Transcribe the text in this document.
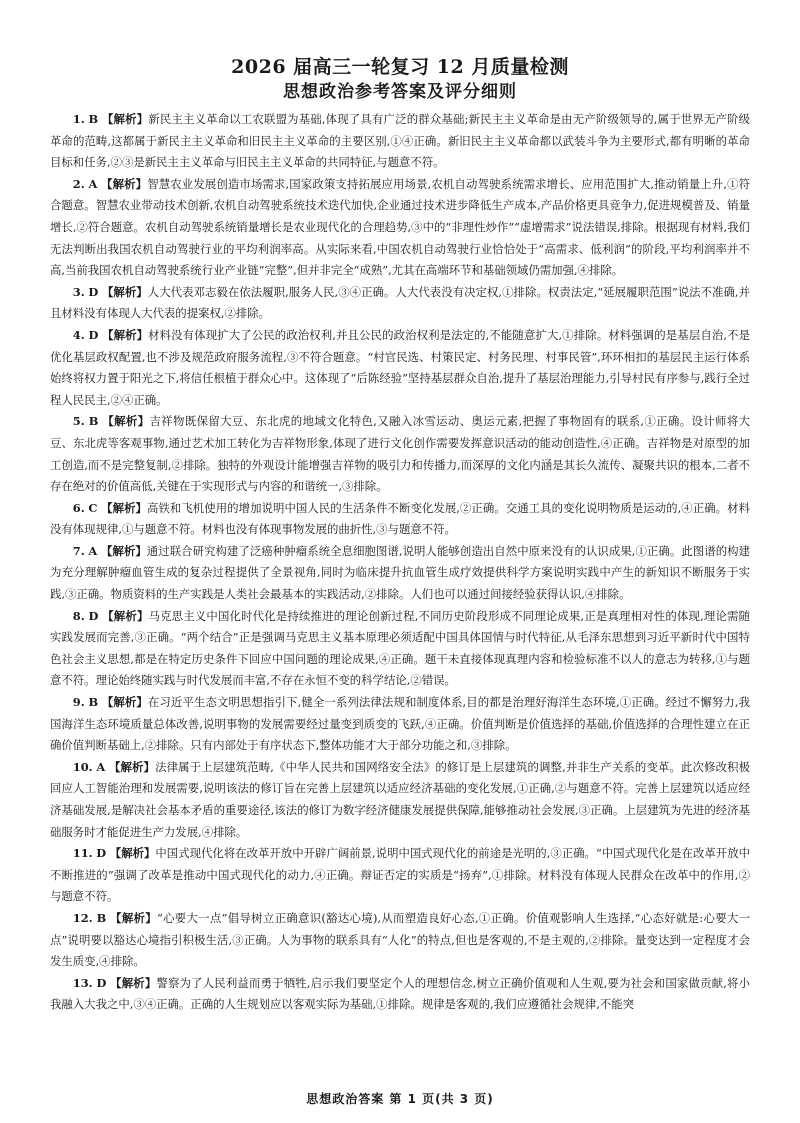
2026 届高三一轮复习 12 月质量检测
思想政治参考答案及评分细则

1. B 【解析】新民主主义革命以工农联盟为基础,体现了具有广泛的群众基础;新民主主义革命是由无产阶级领导的,属于世界无产阶级革命的范畴,这都属于新民主主义革命和旧民主主义革命的主要区别,①④正确。新旧民主主义革命都以武装斗争为主要形式,都有明晰的革命目标和任务,②③是新民主主义革命与旧民主主义革命的共同特征,与题意不符。

2. A 【解析】智慧农业发展创造市场需求,国家政策支持拓展应用场景,农机自动驾驶系统需求增长、应用范围扩大,推动销量上升,①符合题意。智慧农业带动技术创新,农机自动驾驶系统技术迭代加快,企业通过技术进步降低生产成本,产品价格更具竞争力,促进规模普及、销量增长,②符合题意。农机自动驾驶系统销量增长是农业现代化的合理趋势,③中的“非理性炒作”“虚增需求”说法错误,排除。根据现有材料,我们无法判断出我国农机自动驾驶行业的平均利润率高。从实际来看,中国农机自动驾驶行业恰恰处于“高需求、低利润”的阶段,平均利润率并不高,当前我国农机自动驾驶系统行业产业链“完整”,但并非完全“成熟”,尤其在高端环节和基础领域仍需加强,④排除。

3. D 【解析】人大代表邓志毅在依法履职,服务人民,③④正确。人大代表没有决定权,①排除。权责法定,“延展履职范围”说法不准确,并且材料没有体现人大代表的提案权,②排除。

4. D 【解析】材料没有体现扩大了公民的政治权利,并且公民的政治权利是法定的,不能随意扩大,①排除。材料强调的是基层自治,不是优化基层政权配置,也不涉及规范政府服务流程,③不符合题意。“村官民选、村策民定、村务民理、村事民管”,环环相扣的基层民主运行体系始终将权力置于阳光之下,将信任根植于群众心中。这体现了“后陈经验”坚持基层群众自治,提升了基层治理能力,引导村民有序参与,践行全过程人民民主,②④正确。

5. B 【解析】吉祥物既保留大豆、东北虎的地域文化特色,又融入冰雪运动、奥运元素,把握了事物固有的联系,①正确。设计师将大豆、东北虎等客观事物,通过艺术加工转化为吉祥物形象,体现了进行文化创作需要发挥意识活动的能动创造性,④正确。吉祥物是对原型的加工创造,而不是完整复制,②排除。独特的外观设计能增强吉祥物的吸引力和传播力,而深厚的文化内涵是其长久流传、凝聚共识的根本,二者不存在绝对的价值高低,关键在于实现形式与内容的和谐统一,③排除。

6. C 【解析】高铁和飞机使用的增加说明中国人民的生活条件不断变化发展,②正确。交通工具的变化说明物质是运动的,④正确。材料没有体现规律,①与题意不符。材料也没有体现事物发展的曲折性,③与题意不符。

7. A 【解析】通过联合研究构建了泛癌种肿瘤系统全息细胞图谱,说明人能够创造出自然中原来没有的认识成果,①正确。此图谱的构建为充分理解肿瘤血管生成的复杂过程提供了全景视角,同时为临床提升抗血管生成疗效提供科学方案说明实践中产生的新知识不断服务于实践,③正确。物质资料的生产实践是人类社会最基本的实践活动,②排除。人们也可以通过间接经验获得认识,④排除。

8. D 【解析】马克思主义中国化时代化是持续推进的理论创新过程,不同历史阶段形成不同理论成果,正是真理相对性的体现,理论需随实践发展而完善,③正确。“两个结合”正是强调马克思主义基本原理必须适配中国具体国情与时代特征,从毛泽东思想到习近平新时代中国特色社会主义思想,都是在特定历史条件下回应中国问题的理论成果,④正确。题干未直接体现真理内容和检验标准不以人的意志为转移,①与题意不符。理论始终随实践与时代发展而丰富,不存在永恒不变的科学结论,②错误。

9. B 【解析】在习近平生态文明思想指引下,健全一系列法律法规和制度体系,目的都是治理好海洋生态环境,①正确。经过不懈努力,我国海洋生态环境质量总体改善,说明事物的发展需要经过量变到质变的飞跃,④正确。价值判断是价值选择的基础,价值选择的合理性建立在正确价值判断基础上,②排除。只有内部处于有序状态下,整体功能才大于部分功能之和,③排除。

10. A 【解析】法律属于上层建筑范畴,《中华人民共和国网络安全法》的修订是上层建筑的调整,并非生产关系的变革。此次修改积极回应人工智能治理和发展需要,说明该法的修订旨在完善上层建筑以适应经济基础的变化发展,①正确,②与题意不符。完善上层建筑以适应经济基础发展,是解决社会基本矛盾的重要途径,该法的修订为数字经济健康发展提供保障,能够推动社会发展,③正确。上层建筑为先进的经济基础服务时才能促进生产力发展,④排除。

11. D 【解析】中国式现代化将在改革开放中开辟广阔前景,说明中国式现代化的前途是光明的,③正确。“中国式现代化是在改革开放中不断推进的”强调了改革是推动中国式现代化的动力,④正确。辩证否定的实质是“扬弃”,①排除。材料没有体现人民群众在改革中的作用,②与题意不符。

12. B 【解析】“心要大一点”倡导树立正确意识(豁达心境),从而塑造良好心态,①正确。价值观影响人生选择,“心态好就是:心要大一点”说明要以豁达心境指引积极生活,③正确。人为事物的联系具有“人化”的特点,但也是客观的,不是主观的,②排除。量变达到一定程度才会发生质变,④排除。

13. D 【解析】警察为了人民利益而勇于牺牲,启示我们要坚定个人的理想信念,树立正确价值观和人生观,要为社会和国家做贡献,将小我融入大我之中,③④正确。正确的人生规划应以客观实际为基础,①排除。规律是客观的,我们应遵循社会规律,不能突

思想政治答案 第 1 页(共 3 页)
